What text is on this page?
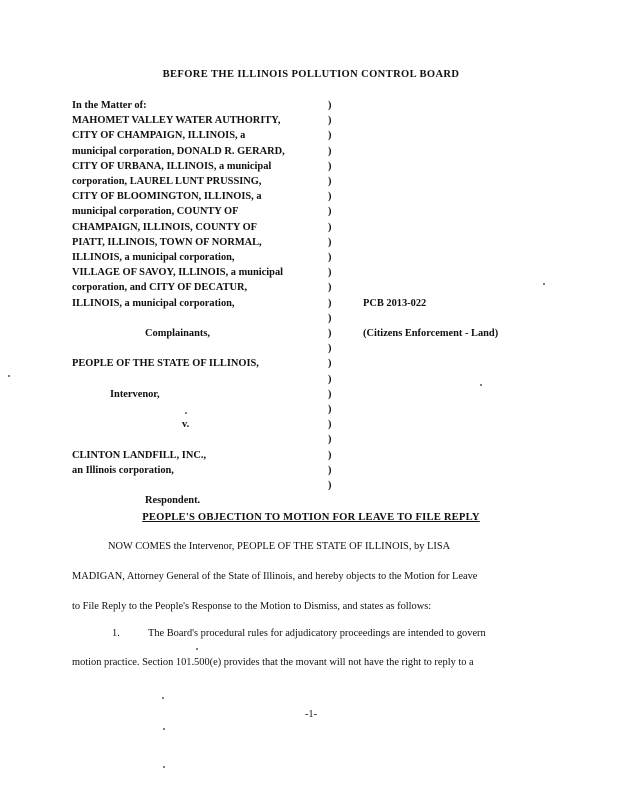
BEFORE THE ILLINOIS POLLUTION CONTROL BOARD
In the Matter of:
MAHOMET VALLEY WATER AUTHORITY,
CITY OF CHAMPAIGN, ILLINOIS, a
municipal corporation, DONALD R. GERARD,
CITY OF URBANA, ILLINOIS, a municipal
corporation, LAUREL LUNT PRUSSING,
CITY OF BLOOMINGTON, ILLINOIS, a
municipal corporation, COUNTY OF
CHAMPAIGN, ILLINOIS, COUNTY OF
PIATT, ILLINOIS, TOWN OF NORMAL,
ILLINOIS, a municipal corporation,
VILLAGE OF SAVOY, ILLINOIS, a municipal
corporation, and CITY OF DECATUR,
ILLINOIS, a municipal corporation,
Complainants,
PEOPLE OF THE STATE OF ILLINOIS,
Intervenor,
v.
CLINTON LANDFILL, INC.,
an Illinois corporation,
Respondent.
)
)
)
)
)
)
)
)
)
)
)
)
)
)
)
)
)
)
)
)
)
)
)
)
)
)
PCB 2013-022
(Citizens Enforcement - Land)
PEOPLE'S OBJECTION TO MOTION FOR LEAVE TO FILE REPLY
NOW COMES the Intervenor, PEOPLE OF THE STATE OF ILLINOIS, by LISA
MADIGAN, Attorney General of the State of Illinois, and hereby objects to the Motion for Leave
to File Reply to the People's Response to the Motion to Dismiss, and states as follows:
1.	The Board's procedural rules for adjudicatory proceedings are intended to govern
motion practice. Section 101.500(e) provides that the movant will not have the right to reply to a
-1-
